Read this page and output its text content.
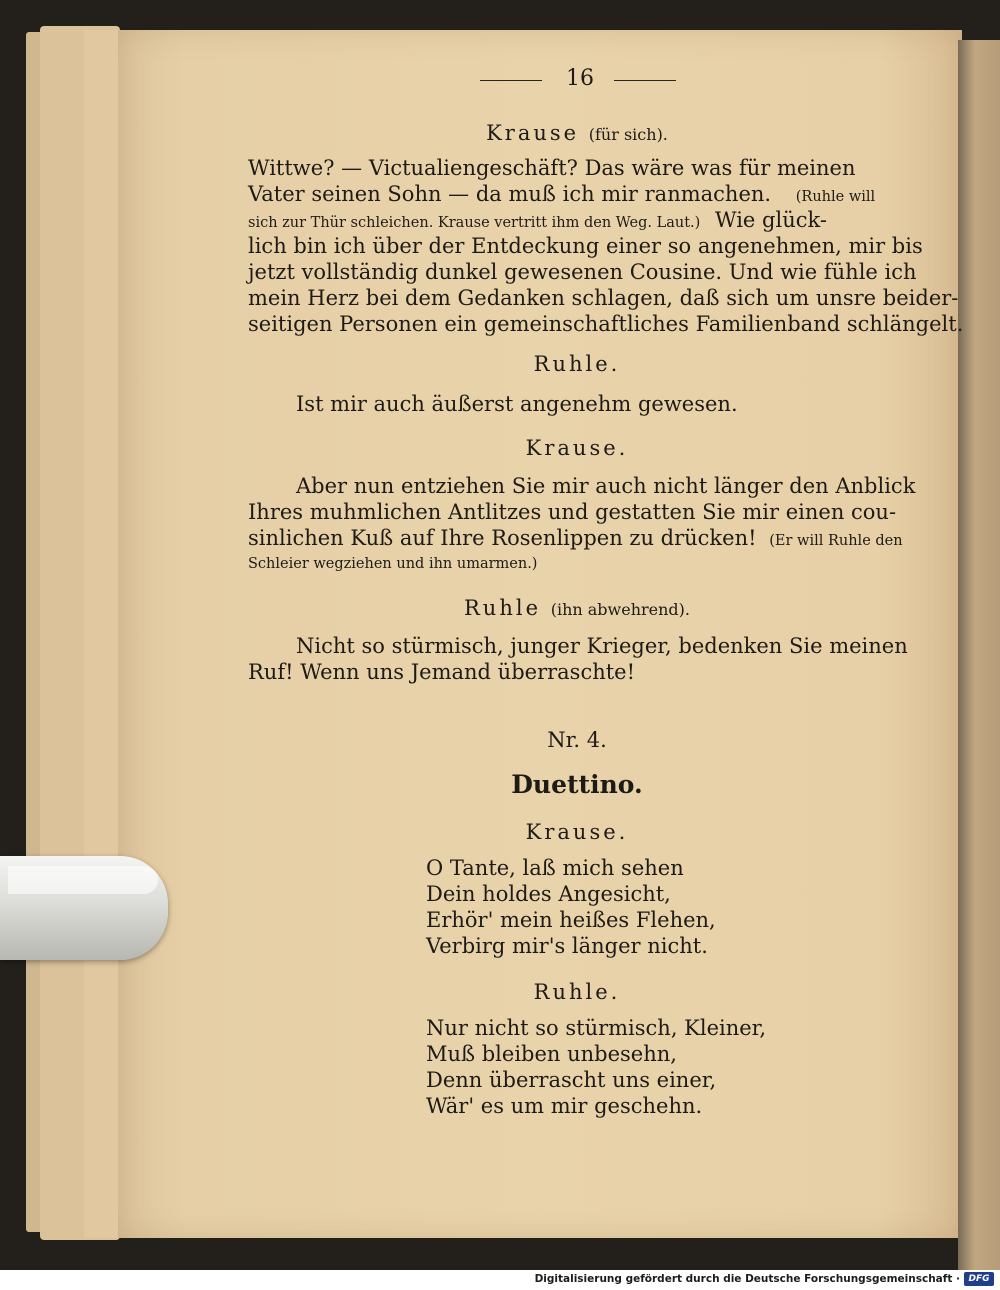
16
Krause (für sich).
Wittwe? — Victualiengeschäft? Das wäre was für meinen
Vater seinen Sohn — da muß ich mir ranmachen. (Ruhle will
sich zur Thür schleichen. Krause vertritt ihm den Weg. Laut.) Wie glück-
lich bin ich über der Entdeckung einer so angenehmen, mir bis
jetzt vollständig dunkel gewesenen Cousine. Und wie fühle ich
mein Herz bei dem Gedanken schlagen, daß sich um unsre beider-
seitigen Personen ein gemeinschaftliches Familienband schlängelt.
Ruhle.
Ist mir auch äußerst angenehm gewesen.
Krause.
Aber nun entziehen Sie mir auch nicht länger den Anblick
Ihres muhmlichen Antlitzes und gestatten Sie mir einen cou-
sinlichen Kuß auf Ihre Rosenlippen zu drücken! (Er will Ruhle den
Schleier wegziehen und ihn umarmen.)
Ruhle (ihn abwehrend).
Nicht so stürmisch, junger Krieger, bedenken Sie meinen
Ruf! Wenn uns Jemand überraschte!
Nr. 4.
Duettino.
Krause.
O Tante, laß mich sehen
Dein holdes Angesicht,
Erhör' mein heißes Flehen,
Verbirg mir's länger nicht.
Ruhle.
Nur nicht so stürmisch, Kleiner,
Muß bleiben unbesehn,
Denn überrascht uns einer,
Wär' es um mir geschehn.
Digitalisierung gefördert durch die Deutsche Forschungsgemeinschaft · DFG
